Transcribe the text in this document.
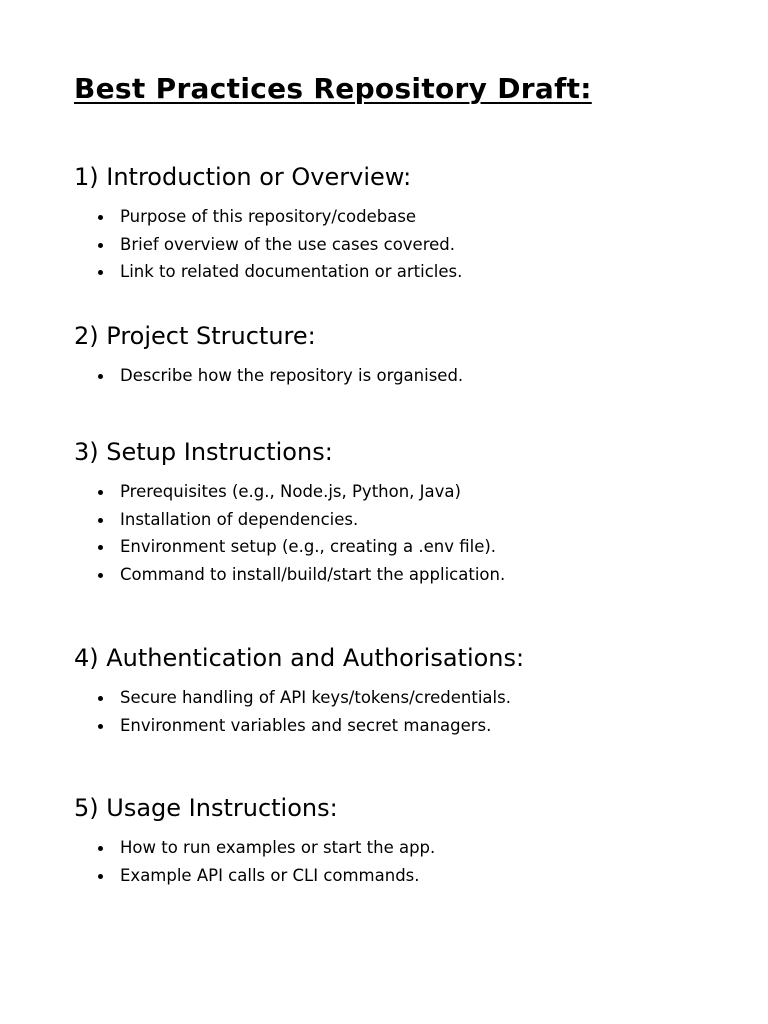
Best Practices Repository Draft:
1) Introduction or Overview:
Purpose of this repository/codebase
Brief overview of the use cases covered.
Link to related documentation or articles.
2) Project Structure:
Describe how the repository is organised.
3) Setup Instructions:
Prerequisites (e.g., Node.js, Python, Java)
Installation of dependencies.
Environment setup (e.g., creating a .env file).
Command to install/build/start the application.
4) Authentication and Authorisations:
Secure handling of API keys/tokens/credentials.
Environment variables and secret managers.
5) Usage Instructions:
How to run examples or start the app.
Example API calls or CLI commands.
